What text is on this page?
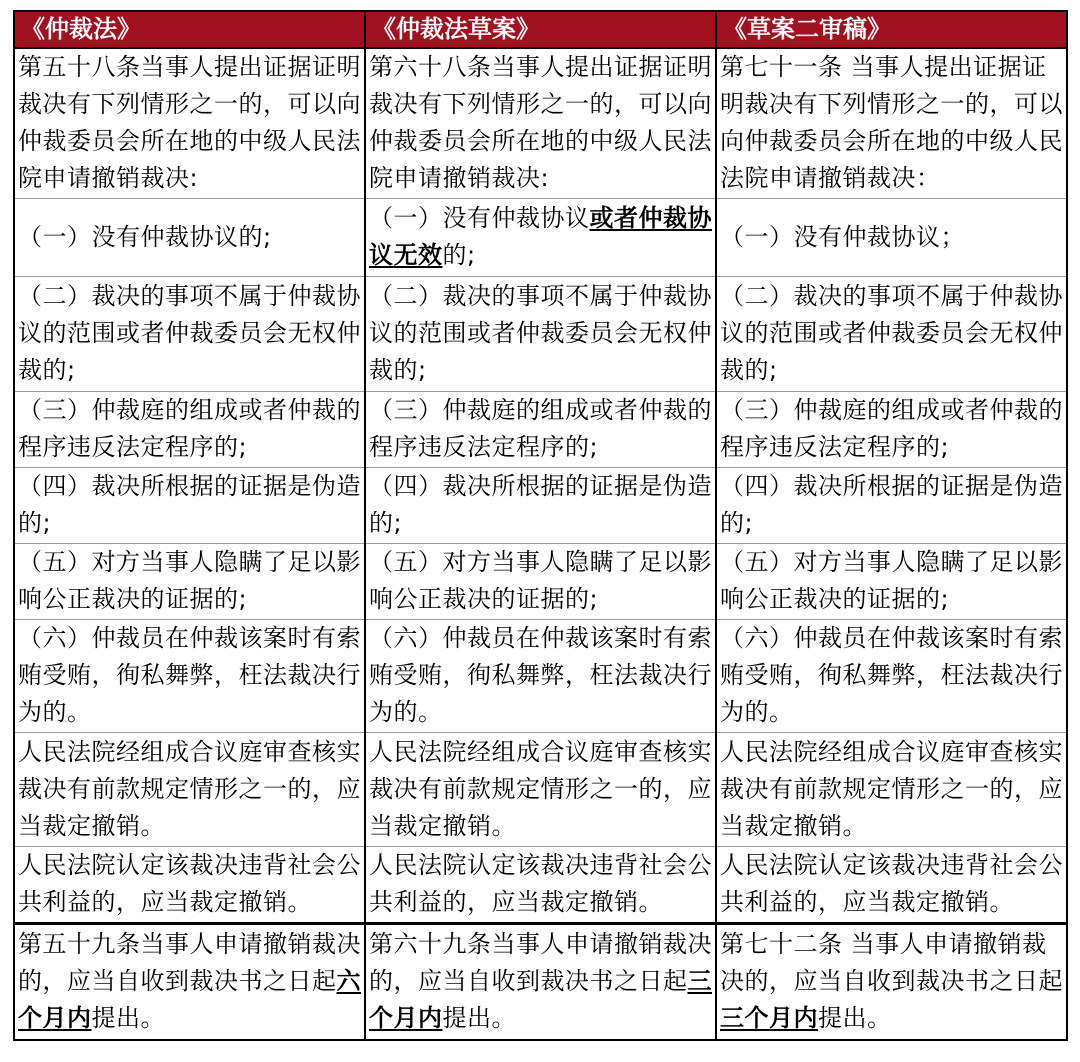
《仲裁法》	《仲裁法草案》	《草案二审稿》
第五十八条当事人提出证据证明裁决有下列情形之一的，可以向仲裁委员会所在地的中级人民法院申请撤销裁决:	第六十八条当事人提出证据证明裁决有下列情形之一的，可以向仲裁委员会所在地的中级人民法院申请撤销裁决:	第七十一条 当事人提出证据证明裁决有下列情形之一的，可以向仲裁委员会所在地的中级人民法院申请撤销裁决：
（一）没有仲裁协议的;	（一）没有仲裁协议或者仲裁协议无效的;	（一）没有仲裁协议；
（二）裁决的事项不属于仲裁协议的范围或者仲裁委员会无权仲裁的;	（二）裁决的事项不属于仲裁协议的范围或者仲裁委员会无权仲裁的;	（二）裁决的事项不属于仲裁协议的范围或者仲裁委员会无权仲裁的;
（三）仲裁庭的组成或者仲裁的程序违反法定程序的;	（三）仲裁庭的组成或者仲裁的程序违反法定程序的;	（三）仲裁庭的组成或者仲裁的程序违反法定程序的;
（四）裁决所根据的证据是伪造的;	（四）裁决所根据的证据是伪造的;	（四）裁决所根据的证据是伪造的;
（五）对方当事人隐瞒了足以影响公正裁决的证据的;	（五）对方当事人隐瞒了足以影响公正裁决的证据的;	（五）对方当事人隐瞒了足以影响公正裁决的证据的;
（六）仲裁员在仲裁该案时有索贿受贿，徇私舞弊，枉法裁决行为的。	（六）仲裁员在仲裁该案时有索贿受贿，徇私舞弊，枉法裁决行为的。	（六）仲裁员在仲裁该案时有索贿受贿，徇私舞弊，枉法裁决行为的。
人民法院经组成合议庭审查核实裁决有前款规定情形之一的，应当裁定撤销。	人民法院经组成合议庭审查核实裁决有前款规定情形之一的，应当裁定撤销。	人民法院经组成合议庭审查核实裁决有前款规定情形之一的，应当裁定撤销。
人民法院认定该裁决违背社会公共利益的，应当裁定撤销。	人民法院认定该裁决违背社会公共利益的，应当裁定撤销。	人民法院认定该裁决违背社会公共利益的，应当裁定撤销。
第五十九条当事人申请撤销裁决的，应当自收到裁决书之日起六个月内提出。	第六十九条当事人申请撤销裁决的，应当自收到裁决书之日起三个月内提出。	第七十二条 当事人申请撤销裁决的，应当自收到裁决书之日起三个月内提出。
